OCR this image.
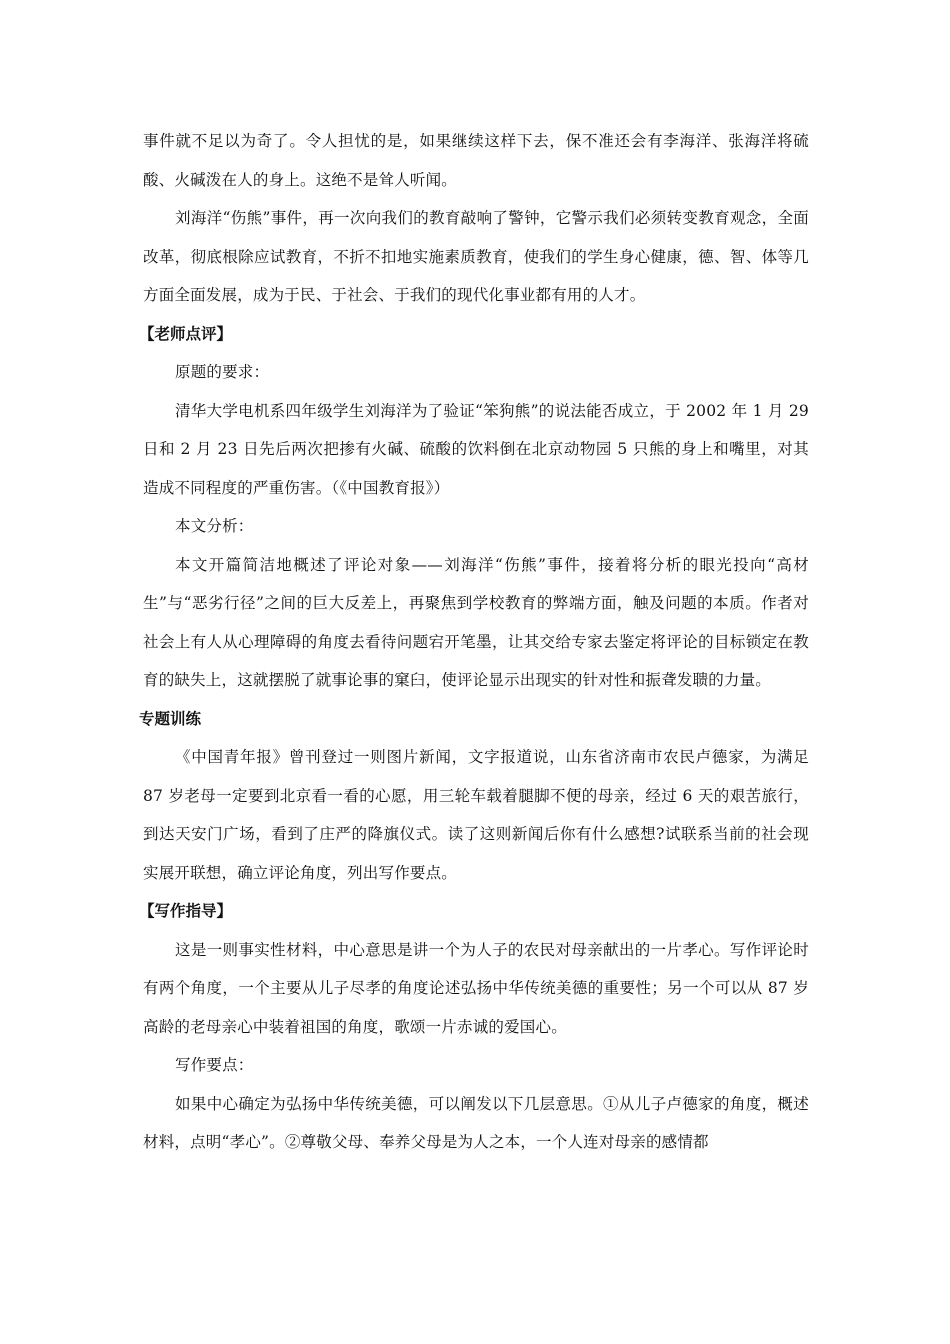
事件就不足以为奇了。令人担忧的是，如果继续这样下去，保不准还会有李海洋、张海洋将硫酸、火碱泼在人的身上。这绝不是耸人听闻。

刘海洋“伤熊”事件，再一次向我们的教育敲响了警钟，它警示我们必须转变教育观念，全面改革，彻底根除应试教育，不折不扣地实施素质教育，使我们的学生身心健康，德、智、体等几方面全面发展，成为于民、于社会、于我们的现代化事业都有用的人才。

【老师点评】

原题的要求：

清华大学电机系四年级学生刘海洋为了验证“笨狗熊”的说法能否成立，于 2002 年 1 月 29 日和 2 月 23 日先后两次把掺有火碱、硫酸的饮料倒在北京动物园 5 只熊的身上和嘴里，对其造成不同程度的严重伤害。（《中国教育报》）

本文分析：

本文开篇简洁地概述了评论对象——刘海洋“伤熊”事件，接着将分析的眼光投向“高材生”与“恶劣行径”之间的巨大反差上，再聚焦到学校教育的弊端方面，触及问题的本质。作者对社会上有人从心理障碍的角度去看待问题宕开笔墨，让其交给专家去鉴定将评论的目标锁定在教育的缺失上，这就摆脱了就事论事的窠臼，使评论显示出现实的针对性和振聋发聩的力量。

专题训练

《中国青年报》曾刊登过一则图片新闻，文字报道说，山东省济南市农民卢德家，为满足 87 岁老母一定要到北京看一看的心愿，用三轮车载着腿脚不便的母亲，经过 6 天的艰苦旅行，到达天安门广场，看到了庄严的降旗仪式。读了这则新闻后你有什么感想?试联系当前的社会现实展开联想，确立评论角度，列出写作要点。

【写作指导】

这是一则事实性材料，中心意思是讲一个为人子的农民对母亲献出的一片孝心。写作评论时有两个角度，一个主要从儿子尽孝的角度论述弘扬中华传统美德的重要性；另一个可以从 87 岁高龄的老母亲心中装着祖国的角度，歌颂一片赤诚的爱国心。

写作要点：

如果中心确定为弘扬中华传统美德，可以阐发以下几层意思。①从儿子卢德家的角度，概述材料，点明“孝心”。②尊敬父母、奉养父母是为人之本，一个人连对母亲的感情都
